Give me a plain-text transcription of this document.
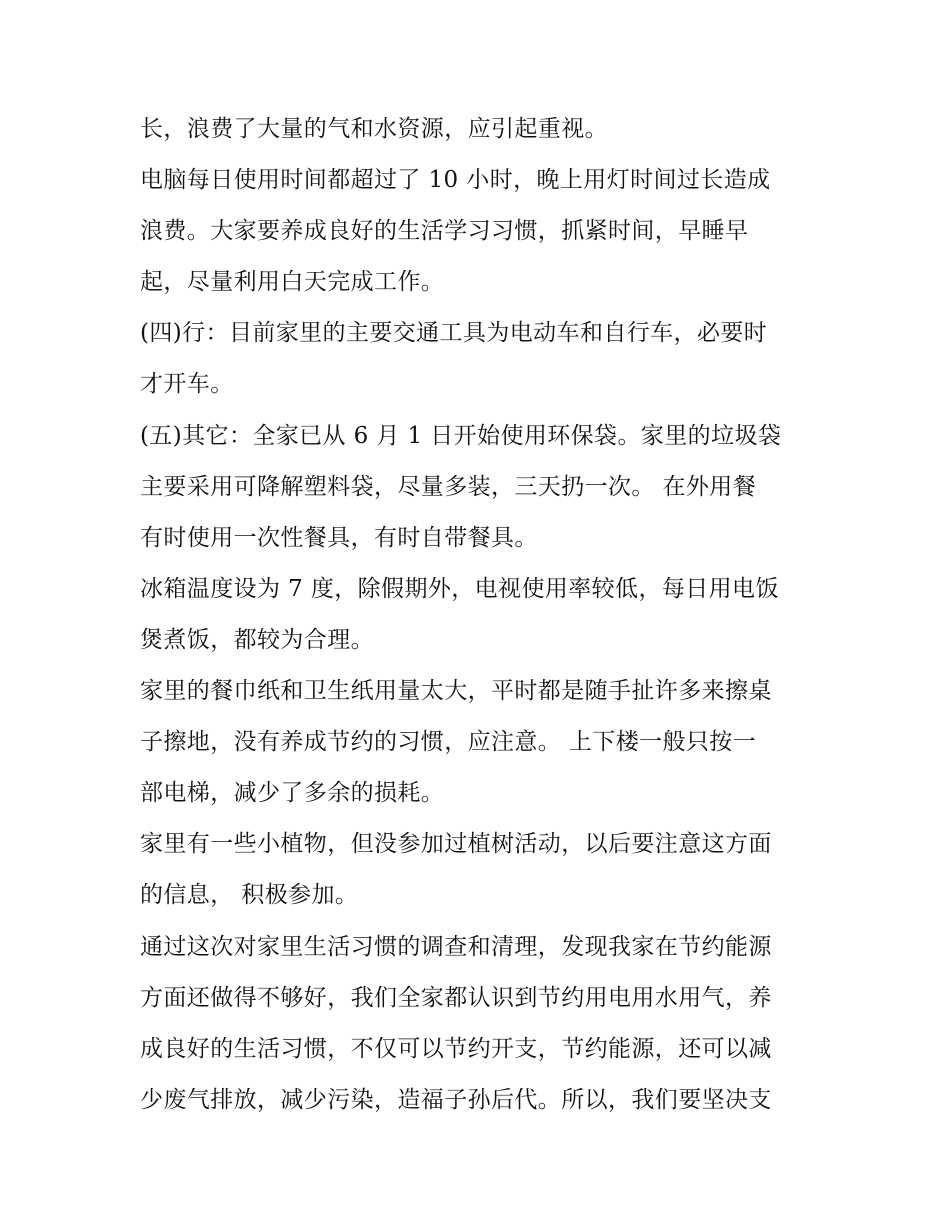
长，浪费了大量的气和水资源，应引起重视。
电脑每日使用时间都超过了 10 小时，晚上用灯时间过长造成
浪费。大家要养成良好的生活学习习惯，抓紧时间，早睡早
起，尽量利用白天完成工作。
(四)行：目前家里的主要交通工具为电动车和自行车，必要时
才开车。
(五)其它：全家已从 6 月 1 日开始使用环保袋。家里的垃圾袋
主要采用可降解塑料袋，尽量多装，三天扔一次。 在外用餐
有时使用一次性餐具，有时自带餐具。
冰箱温度设为 7 度，除假期外，电视使用率较低，每日用电饭
煲煮饭，都较为合理。
家里的餐巾纸和卫生纸用量太大，平时都是随手扯许多来擦桌
子擦地，没有养成节约的习惯，应注意。 上下楼一般只按一
部电梯，减少了多余的损耗。
家里有一些小植物，但没参加过植树活动，以后要注意这方面
的信息， 积极参加。
通过这次对家里生活习惯的调查和清理，发现我家在节约能源
方面还做得不够好，我们全家都认识到节约用电用水用气，养
成良好的生活习惯，不仅可以节约开支，节约能源，还可以减
少废气排放，减少污染，造福子孙后代。所以，我们要坚决支
